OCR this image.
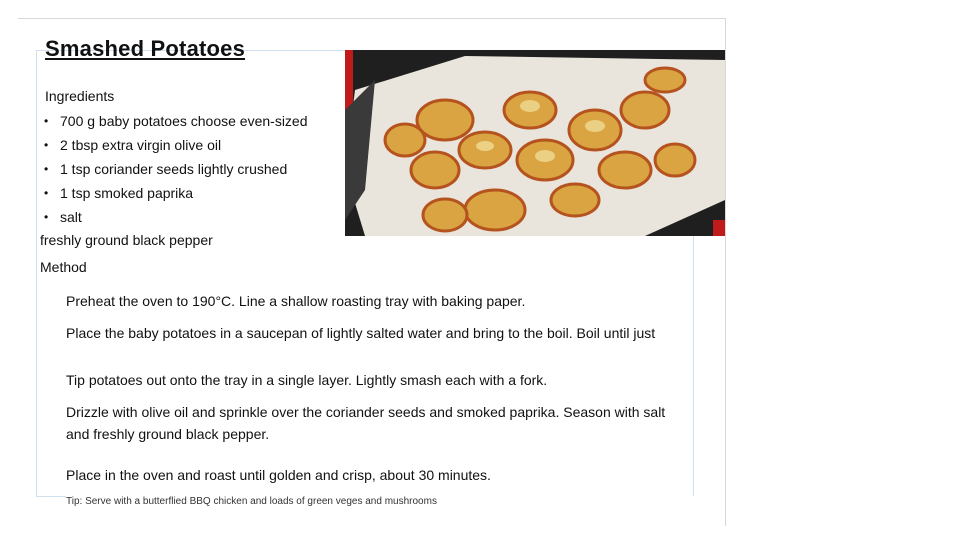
Smashed Potatoes
Ingredients
• 700 g baby potatoes choose even-sized
• 2 tbsp extra virgin olive oil
• 1 tsp coriander seeds lightly crushed
• 1 tsp smoked paprika
• salt
freshly ground black pepper
Method

Preheat the oven to 190°C. Line a shallow roasting tray with baking paper.

Place the baby potatoes in a saucepan of lightly salted water and bring to the boil. Boil until just

Tip potatoes out onto the tray in a single layer. Lightly smash each with a fork.

Drizzle with olive oil and sprinkle over the coriander seeds and smoked paprika. Season with salt and freshly ground black pepper.

Place in the oven and roast until golden and crisp, about 30 minutes.

Tip: Serve with a butterflied BBQ chicken and loads of green veges and mushrooms
